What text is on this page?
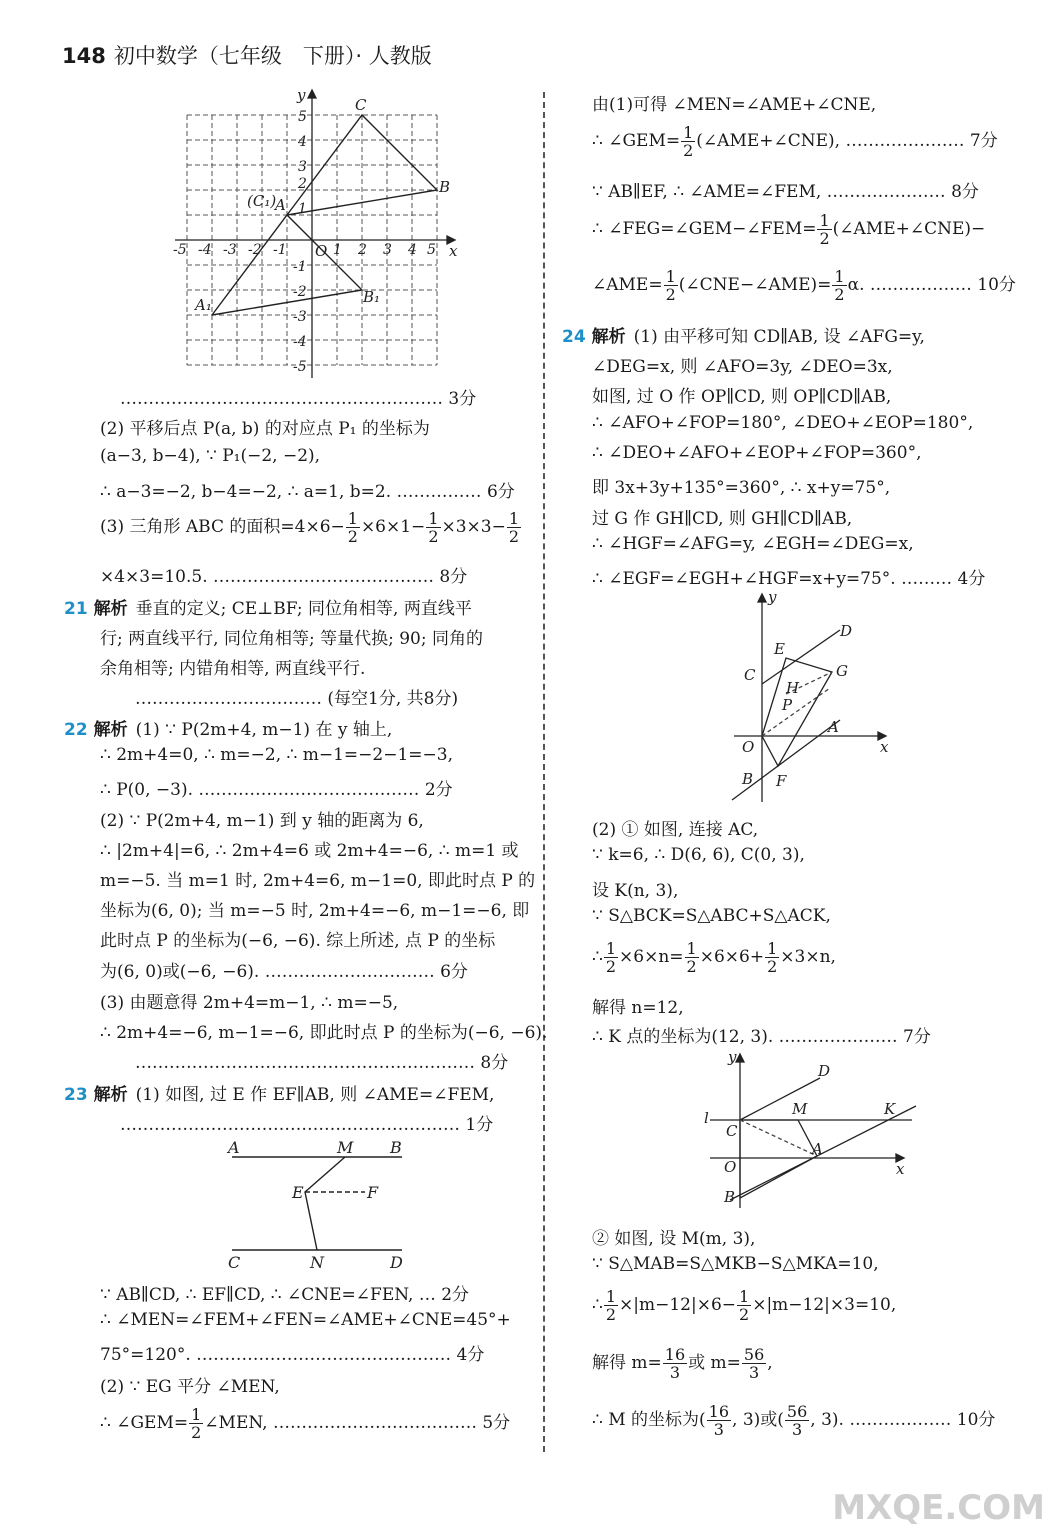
148 初中数学（七年级　下册）· 人教版
-5 -4 -3 -2 -1	1 2 3 4 5
5
4
3
2
1
-1
-2
-3
-4
-5
x
y
O
A
(C₁)
B
C
A₁	B₁
………………………………………………… 3分
(2) 平移后点 P(a, b) 的对应点 P₁ 的坐标为
(a−3, b−4), ∵ P₁(−2, −2),
∴ a−3=−2, b−4=−2, ∴ a=1, b=2. …………… 6分
(3) 三角形 ABC 的面积$=4\times 6- \frac{1}{2} \times 6\times 1- \frac{1}{2} \times 3\times 3- \frac{1}{2}$
×4×3=10.5. ………………………………… 8分
21 解析 垂直的定义; CE⊥BF; 同位角相等, 两直线平
行; 两直线平行, 同位角相等; 等量代换; 90; 同角的
余角相等; 内错角相等, 两直线平行.
…………………………… (每空1分, 共8分)
22 解析 (1) ∵ P(2m+4, m−1) 在 y 轴上,
∴ 2m+4=0, ∴ m=−2, ∴ m−1=−2−1=−3,
∴ P(0, −3). ………………………………… 2分
(2) ∵ P(2m+4, m−1) 到 y 轴的距离为 6,
∴ |2m+4|=6, ∴ 2m+4=6 或 2m+4=−6, ∴ m=1 或
m=−5. 当 m=1 时, 2m+4=6, m−1=0, 即此时点 P 的
坐标为(6, 0); 当 m=−5 时, 2m+4=−6, m−1=−6, 即
此时点 P 的坐标为(−6, −6). 综上所述, 点 P 的坐标
为(6, 0)或(−6, −6). ………………………… 6分
(3) 由题意得 2m+4=m−1, ∴ m=−5,
∴ 2m+4=−6, m−1=−6, 即此时点 P 的坐标为(−6, −6).
…………………………………………………… 8分
23 解析 (1) 如图, 过 E 作 EF∥AB, 则 ∠AME=∠FEM,
…………………………………………………… 1分
∵ AB∥CD, ∴ EF∥CD, ∴ ∠CNE=∠FEN, … 2分
∴ ∠MEN=∠FEM+∠FEN=∠AME+∠CNE=45°+
75°=120°. ……………………………………… 4分
(2) ∵ EG 平分 ∠MEN,
∴ ∠GEM= $\frac{1}{2}$ ∠MEN, ……………………………… 5分
A	M B
E	F
C	N	D
由(1)可得 ∠MEN=∠AME+∠CNE,
∴ ∠GEM= $\frac{1}{2}$ (∠AME+∠CNE), ………………… 7分
∵ AB∥EF, ∴ ∠AME=∠FEM, ………………… 8分
∴ ∠FEG=∠GEM−∠FEM= $\frac{1}{2}$ (∠AME+∠CNE)−
∠AME= $\frac{1}{2}$ (∠CNE−∠AME)= $\frac{1}{2} \alpha$. ……………… 10分
24 解析 (1) 由平移可知 CD∥AB, 设 ∠AFG=y,
∠DEG=x, 则 ∠AFO=3y, ∠DEO=3x,
如图, 过 O 作 OP∥CD, 则 OP∥CD∥AB,
∴ ∠AFO+∠FOP=180°, ∠DEO+∠EOP=180°,
∴ ∠DEO+∠AFO+∠EOP+∠FOP=360°,
即 3x+3y+135°=360°, ∴ x+y=75°,
过 G 作 GH∥CD, 则 GH∥CD∥AB,
∴ ∠HGF=∠AFG=y, ∠EGH=∠DEG=x,
∴ ∠EGF=∠EGH+∠HGF=x+y=75°. ……… 4分
(2) ① 如图, 连接 AC,
∵ k=6, ∴ D(6, 6), C(0, 3),
设 K(n, 3),
∵ S△BCK=S△ABC+S△ACK,
∴ $\frac{1}{2} \times 6\times n= \frac{1}{2} \times 6\times 6+ \frac{1}{2} \times 3\times n$,
解得 n=12,
∴ K 点的坐标为(12, 3). ………………… 7分
② 如图, 设 M(m, 3),
∵ S△MAB=S△MKB−S△MKA=10,
∴ $\frac{1}{2} \times|m-12|\times 6- \frac{1}{2} \times|m-12|\times 3=10$,
解得 $m= \frac{16}{3}$ 或 $m= \frac{56}{3}$ ,
∴ M 的坐标为( $\frac{16}{3}$ , 3)或( $\frac{56}{3}$ , 3). ……………… 10分
y
x
D
E
C	G
H
P
A
O
B F
y
x
D
l	M	K
C
A
O
B
MXQE.COM
